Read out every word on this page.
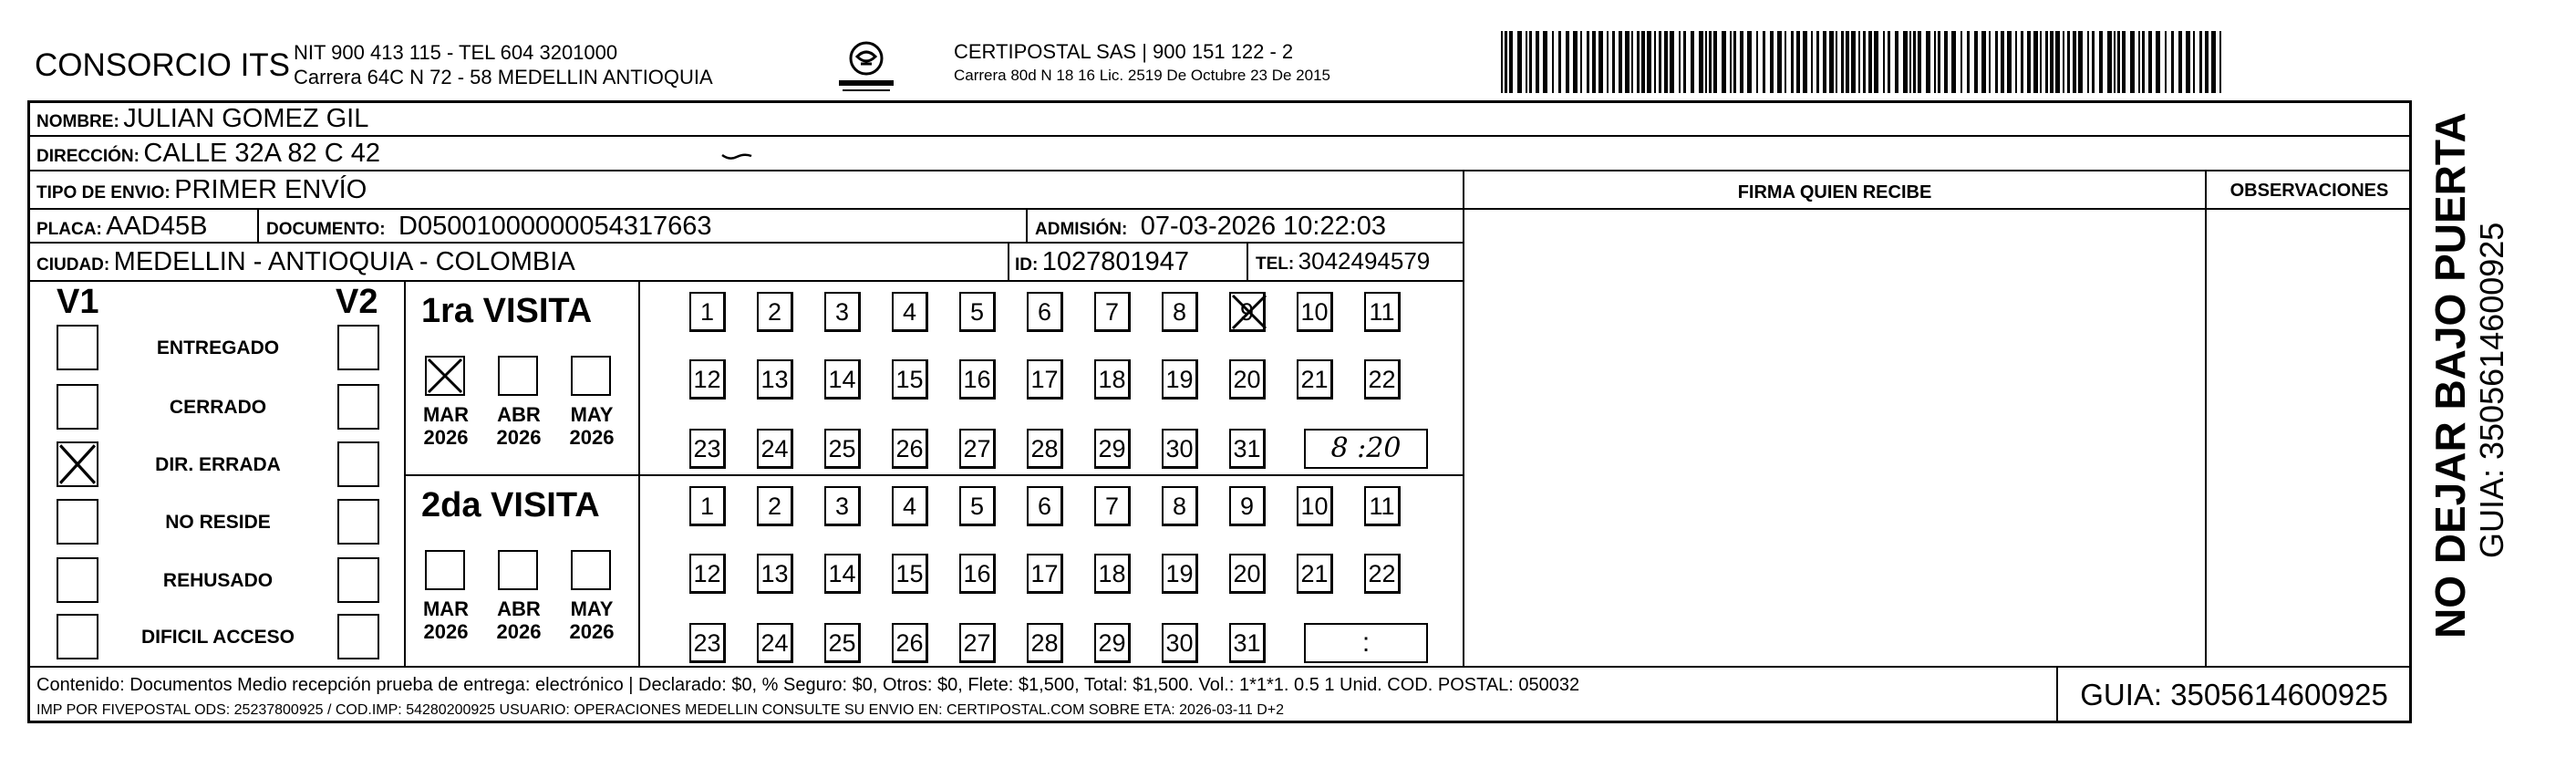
CONSORCIO ITS NIT 900 413 115 - TEL 604 3201000
Carrera 64C N 72 - 58 MEDELLIN ANTIOQUIA
CERTIPOSTAL SAS | 900 151 122 - 2
Carrera 80d N 18 16 Lic. 2519 De Octubre 23 De 2015
NOMBRE: JULIAN GOMEZ GIL
DIRECCIÓN: CALLE 32A 82 C 42
TIPO DE ENVIO: PRIMER ENVÍO
PLACA: AAD45B	DOCUMENTO: D05001000000054317663	ADMISIÓN: 07-03-2026 10:22:03
CIUDAD: MEDELLIN - ANTIOQUIA - COLOMBIA	ID: 1027801947	TEL: 3042494579
FIRMA QUIEN RECIBE	OBSERVACIONES
V1	V2
ENTREGADO
CERRADO
DIR. ERRADA
NO RESIDE
REHUSADO
DIFICIL ACCESO
1ra VISITA
MAR
2026
ABR
2026
MAY
2026
1	2	3	4	5	6	7	8	9	10 11
12 13 14 15 16 17 18 19 20 21 22
23 24 25 26 27 28 29 30 31	8 :20
2da VISITA
MAR
2026
ABR
2026
MAY
2026
1	2	3	4	5	6	7	8	9	10 11
12 13 14 15 16 17 18 19 20 21 22
23 24 25 26 27 28 29 30 31	:
Contenido: Documentos Medio recepción prueba de entrega: electrónico | Declarado: $0, % Seguro: $0, Otros: $0, Flete: $1,500, Total: $1,500. Vol.: 1*1*1. 0.5 1 Unid. COD. POSTAL: 050032
IMP POR FIVEPOSTAL ODS: 25237800925 / COD.IMP: 54280200925 USUARIO: OPERACIONES MEDELLIN CONSULTE SU ENVIO EN: CERTIPOSTAL.COM SOBRE ETA: 2026-03-11 D+2	GUIA: 3505614600925
NO DEJAR BAJO PUERTA GUIA: 3505614600925
